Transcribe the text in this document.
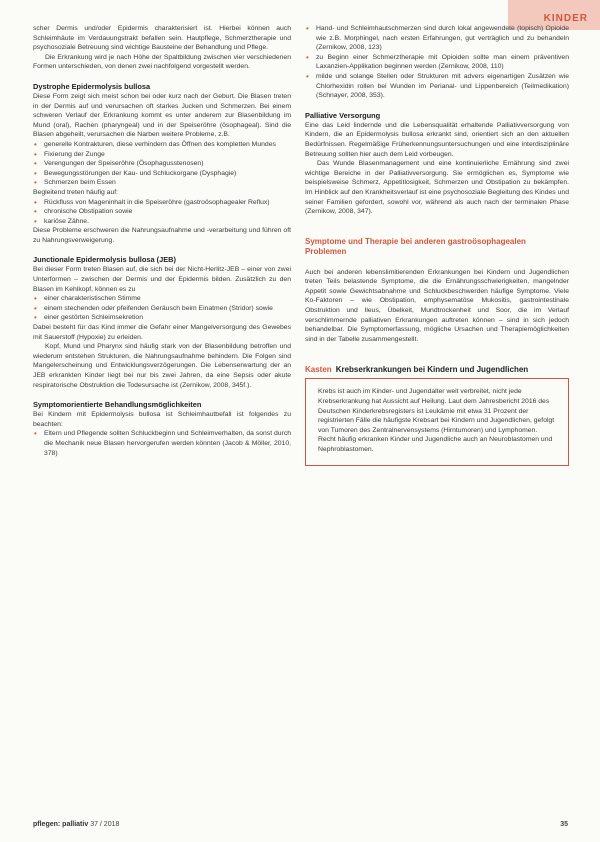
KINDER

scher Dermis und/oder Epidermis charakterisiert ist. Hierbei können auch Schleimhäute im Verdauungstrakt befallen sein. Hautpflege, Schmerztherapie und psychosoziale Betreuung sind wichtige Bausteine der Behandlung und Pflege.

Die Erkrankung wird je nach Höhe der Spaltbildung zwischen vier verschiedenen Formen unterschieden, von denen zwei nachfolgend vorgestellt werden.

Dystrophe Epidermolysis bullosa

Diese Form zeigt sich meist schon bei oder kurz nach der Geburt. Die Blasen treten in der Dermis auf und verursachen oft starkes Jucken und Schmerzen. Bei einem schweren Verlauf der Erkrankung kommt es unter anderem zur Blasenbildung im Mund (oral), Rachen (pharyngeal) und in der Speiseröhre (ösophageal). Sind die Blasen abgeheilt, verursachen die Narben weitere Probleme, z.B.

• generelle Kontrakturen, diese verhindern das Öffnen des kompletten Mundes
• Fixierung der Zunge
• Verengungen der Speiseröhre (Ösophagusstenosen)
• Bewegungsstörungen der Kau- und Schluckorgane (Dysphagie)
• Schmerzen beim Essen

Begleitend treten häufig auf:

• Rückfluss von Mageninhalt in die Speiseröhre (gastroösophagealer Reflux)
• chronische Obstipation sowie
• kariöse Zähne.

Diese Probleme erschweren die Nahrungsaufnahme und -verarbeitung und führen oft zu Nahrungsverweigerung.

Junctionale Epidermolysis bullosa (JEB)

Bei dieser Form treten Blasen auf, die sich bei der Nicht-Herlitz-JEB – einer von zwei Unterformen – zwischen der Dermis und der Epidermis bilden. Zusätzlich zu den Blasen im Kehlkopf, können es zu

• einer charakteristischen Stimme
• einem stechenden oder pfeifenden Geräusch beim Einatmen (Stridor) sowie
• einer gestörten Schleimsekretion

Dabei besteht für das Kind immer die Gefahr einer Mangelversorgung des Gewebes mit Sauerstoff (Hypoxie) zu erleiden.

Kopf, Mund und Pharynx sind häufig stark von der Blasenbildung betroffen und wiederum entstehen Strukturen, die Nahrungsaufnahme behindern. Die Folgen sind Mangelerscheinung und Entwicklungsverzögerungen. Die Lebenserwartung der an JEB erkrankten Kinder liegt bei nur bis zwei Jahren, da eine Sepsis oder akute respiratorische Obstruktion die Todesursache ist (Zernikow, 2008, 345f.).

Symptomorientierte Behandlungsmöglichkeiten

Bei Kindern mit Epidermolysis bullosa ist Schleimhautbefall ist folgendes zu beachten:

• Eltern und Pflegende sollten Schluckbeginn und Schleimverhalten, da sonst durch die Mechanik neue Blasen hervorgerufen werden könnten (Jacob & Möller, 2010, 378)
• Hand- und Schleimhautschmerzen sind durch lokal angewendete (topisch) Opioide wie z.B. Morphingel, nach ersten Erfahrungen, gut verträglich und zu behandeln (Zernikow, 2008, 123)
• zu Beginn einer Schmerztherapie mit Opioiden sollte man einem präventiven Laxanzien-Applikation beginnen werden (Zernikow, 2008, 110)
• milde und solange Stellen oder Strukturen mit advers eigenartigen Zusätzen wie Chlorhexidin rollen bei Wunden im Perianal- und Lippenbereich (Teilmedikation) (Schnayer, 2008, 353).
Palliative Versorgung

Eine das Leid lindernde und die Lebensqualität erhaltende Palliativversorgung von Kindern, die an Epidermolysis bullosa erkrankt sind, orientiert sich an den aktuellen Bedürfnissen. Regelmäßige Früherkennungsuntersuchungen und eine interdisziplinäre Betreuung sollten hier auch dem Leid vorbeugen.

Das Wunde Blasenmanagement und eine kontinuierliche Ernährung sind zwei wichtige Bereiche in der Palliativversorgung. Sie ermöglichen es, Symptome wie beispielsweise Schmerz, Appetitlosigkeit, Schmerzen und Obstipation zu bekämpfen. Im Hinblick auf den Krankheitsverlauf ist eine psychosoziale Begleitung des Kindes und seiner Familien gefordert, sowohl vor, während als auch nach der terminalen Phase (Zernikow, 2008, 347).

Symptome und Therapie bei anderen gastroösophagealen Problemen

Auch bei anderen lebenslimitierenden Erkrankungen bei Kindern und Jugendlichen treten Teils belastende Symptome, die die Ernährungsschwierigkeiten, mangelnder Appetit sowie Gewichtsabnahme und Schluckbeschwerden häufige Symptome. Viele Ko-Faktoren – wie Obstipation, emphysematöse Mukositis, gastrointestinale Obstruktion und Ileus, Übelkeit, Mundtrockenheit und Soor, die im Verlauf verschlimmernde palliativen Erkrankungen auftreten können – sind in sich jedoch behandelbar. Die Symptomerfassung, mögliche Ursachen und Therapiemöglichkeiten sind in der Tabelle zusammengestellt.

Kasten Krebserkrankungen bei Kindern und Jugendlichen
Krebs ist auch im Kinder- und Jugendalter weit verbreitet, nicht jede Krebserkrankung hat Aussicht auf Heilung. Laut dem Jahresbericht 2016 des Deutschen Kinderkrebsregisters ist Leukämie mit etwa 31 Prozent der registrierten Fälle die häufigste Krebsart bei Kindern und Jugendlichen, gefolgt von Tumoren des Zentralnervensystems (Hirntumoren) und Lymphomen. Recht häufig erkranken Kinder und Jugendliche auch an Neuroblastomen und Nephroblastomen.
pflegen: palliativ 37 / 2018	35
